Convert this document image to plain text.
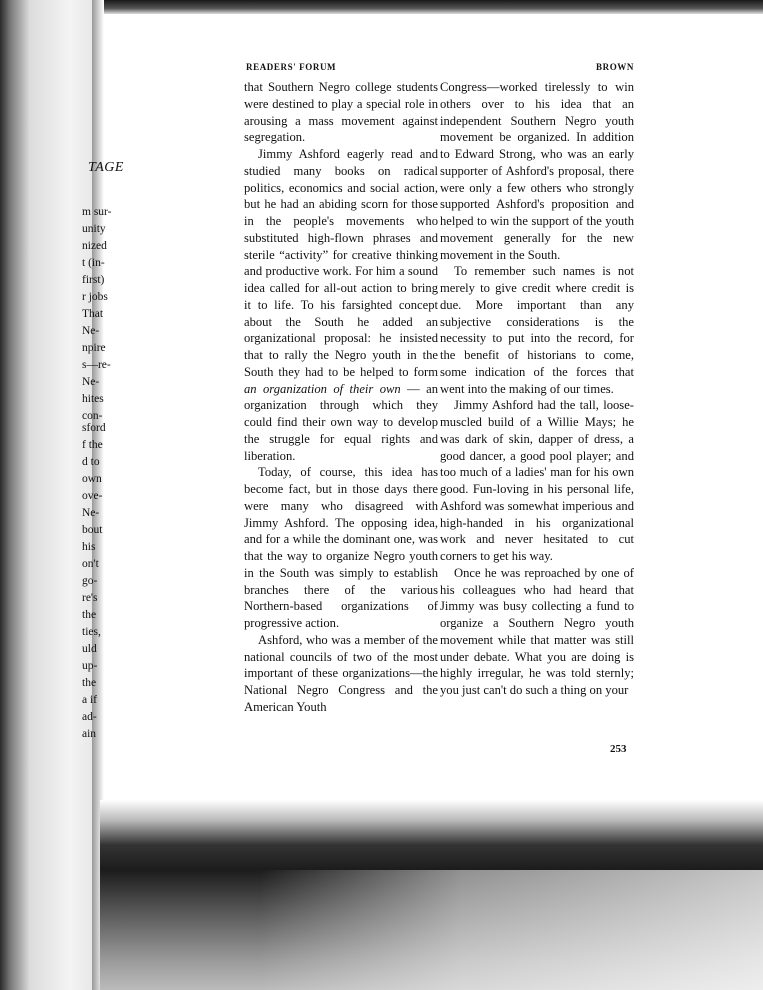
TAGE
m sur-
unity
nized
t (in-
first)
r jobs
That
Ne-
npire
s—re-
Ne-
hites
con-
sford
f the
d to
own
ove-
Ne-
bout
his
on't
go-
re's
the
ties,
uld
up-
the
a if
ad-
ain
READERS' FORUM	BROWN

that Southern Negro college students were destined to play a special role in arousing a mass movement against segregation.

Jimmy Ashford eagerly read and studied many books on radical politics, economics and social action, but he had an abiding scorn for those in the people's movements who substituted high-flown phrases and sterile “activity” for creative thinking and productive work. For him a sound idea called for all-out action to bring it to life. To his farsighted concept about the South he added an organizational proposal: he insisted that to rally the Negro youth in the South they had to be helped to form an organization of their own — an organization through which they could find their own way to develop the struggle for equal rights and liberation.

Today, of course, this idea has become fact, but in those days there were many who disagreed with Jimmy Ashford. The opposing idea, and for a while the dominant one, was that the way to organize Negro youth in the South was simply to establish branches there of the various Northern-based organizations of progressive action.

Ashford, who was a member of the national councils of two of the most important of these organizations—the National Negro Congress and the American Youth

Congress—worked tirelessly to win others over to his idea that an independent Southern Negro youth movement be organized. In addition to Edward Strong, who was an early supporter of Ashford's proposal, there were only a few others who strongly supported Ashford's proposition and helped to win the support of the youth movement generally for the new movement in the South.

To remember such names is not merely to give credit where credit is due. More important than any subjective considerations is the necessity to put into the record, for the benefit of historians to come, some indication of the forces that went into the making of our times.

Jimmy Ashford had the tall, loose-muscled build of a Willie Mays; he was dark of skin, dapper of dress, a good dancer, a good pool player; and too much of a ladies' man for his own good. Fun-loving in his personal life, Ashford was somewhat imperious and high-handed in his organizational work and never hesitated to cut corners to get his way.

Once he was reproached by one of his colleagues who had heard that Jimmy was busy collecting a fund to organize a Southern Negro youth movement while that matter was still under debate. What you are doing is highly irregular, he was told sternly; you just can't do such a thing on your

253
